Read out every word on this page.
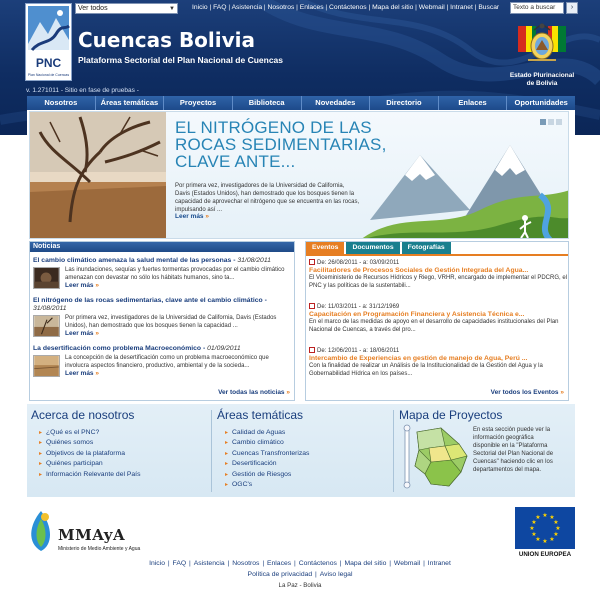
PNC
Plan Nacional de Cuencas
Ver todos	▼	Inicio | FAQ | Asistencia | Nosotros | Enlaces | Contáctenos | Mapa del sitio | Webmail | Intranet | Buscar	Texto a buscar	›
Cuencas Bolivia
Plataforma Sectorial del Plan Nacional de Cuencas
v. 1.271011 - Sitio en fase de pruebas -
Estado Plurinacional
de Bolivia
Nosotros	Áreas temáticas	Proyectos	Biblioteca	Novedades	Directorio	Enlaces	Oportunidades
EL NITRÓGENO DE LAS ROCAS SEDIMENTARIAS, CLAVE ANTE...
Por primera vez, investigadores de la Universidad de California, Davis (Estados Unidos), han demostrado que los bosques tienen la capacidad de aprovechar el nitrógeno que se encuentra en las rocas, impulsando así ...
Leer más »
Noticias
El cambio climático amenaza la salud mental de las personas - 31/08/2011
Las inundaciones, sequías y fuertes tormentas provocadas por el cambio climático amenazan con devastar no sólo los hábitats humanos, sino ta...
Leer más »
El nitrógeno de las rocas sedimentarias, clave ante el cambio climático - 31/08/2011
Por primera vez, investigadores de la Universidad de California, Davis (Estados Unidos), han demostrado que los bosques tienen la capacidad ...
Leer más »
La desertificación como problema Macroeconómico - 01/09/2011
La concepción de la desertificación como un problema macroeconómico que involucra aspectos financiero, productivo, ambiental y de la socieda...
Leer más »
Ver todas las noticias »
Eventos	Documentos	Fotografías
De: 26/08/2011 - a: 03/09/2011
Facilitadores de Procesos Sociales de Gestión Integrada del Agua...
El Viceministerio de Recursos Hídricos y Riego, VRHR, encargado de implementar el PDCRG, el PNC y las políticas de la sustentabili...
De: 11/03/2011 - a: 31/12/1969
Capacitación en Programación Financiera y Asistencia Técnica e...
En el marco de las medidas de apoyo en el desarrollo de capacidades institucionales del Plan Nacional de Cuencas, a través del pro...
De: 12/06/2011 - a: 18/06/2011
Intercambio de Experiencias en gestión de manejo de Agua, Perú ...
Con la finalidad de realizar un Análisis de la Institucionalidad de la Gestión del Agua y la Gobernabilidad Hídrica en los países...
Ver todos los Eventos »
Acerca de nosotros
▸ ¿Qué es el PNC?
▸ Quiénes somos
▸ Objetivos de la plataforma
▸ Quiénes participan
▸ Información Relevante del País
Áreas temáticas
▸ Calidad de Aguas
▸ Cambio climático
▸ Cuencas Transfronterizas
▸ Desertificación
▸ Gestión de Riesgos
▸ OGC's
Mapa de Proyectos
En esta sección puede ver la información geográfica disponible en la "Plataforma Sectorial del Plan Nacional de Cuencas" haciendo clic en los departamentos del mapa.
MMAyA
Ministerio de Medio Ambiente y Agua
★ ★
★
★
★
★
★
★
★
★
★
★
UNION EUROPEA
Inicio | FAQ | Asistencia | Nosotros | Enlaces | Contáctenos | Mapa del sitio | Webmail | Intranet
Política de privacidad | Aviso legal
La Paz - Bolivia
